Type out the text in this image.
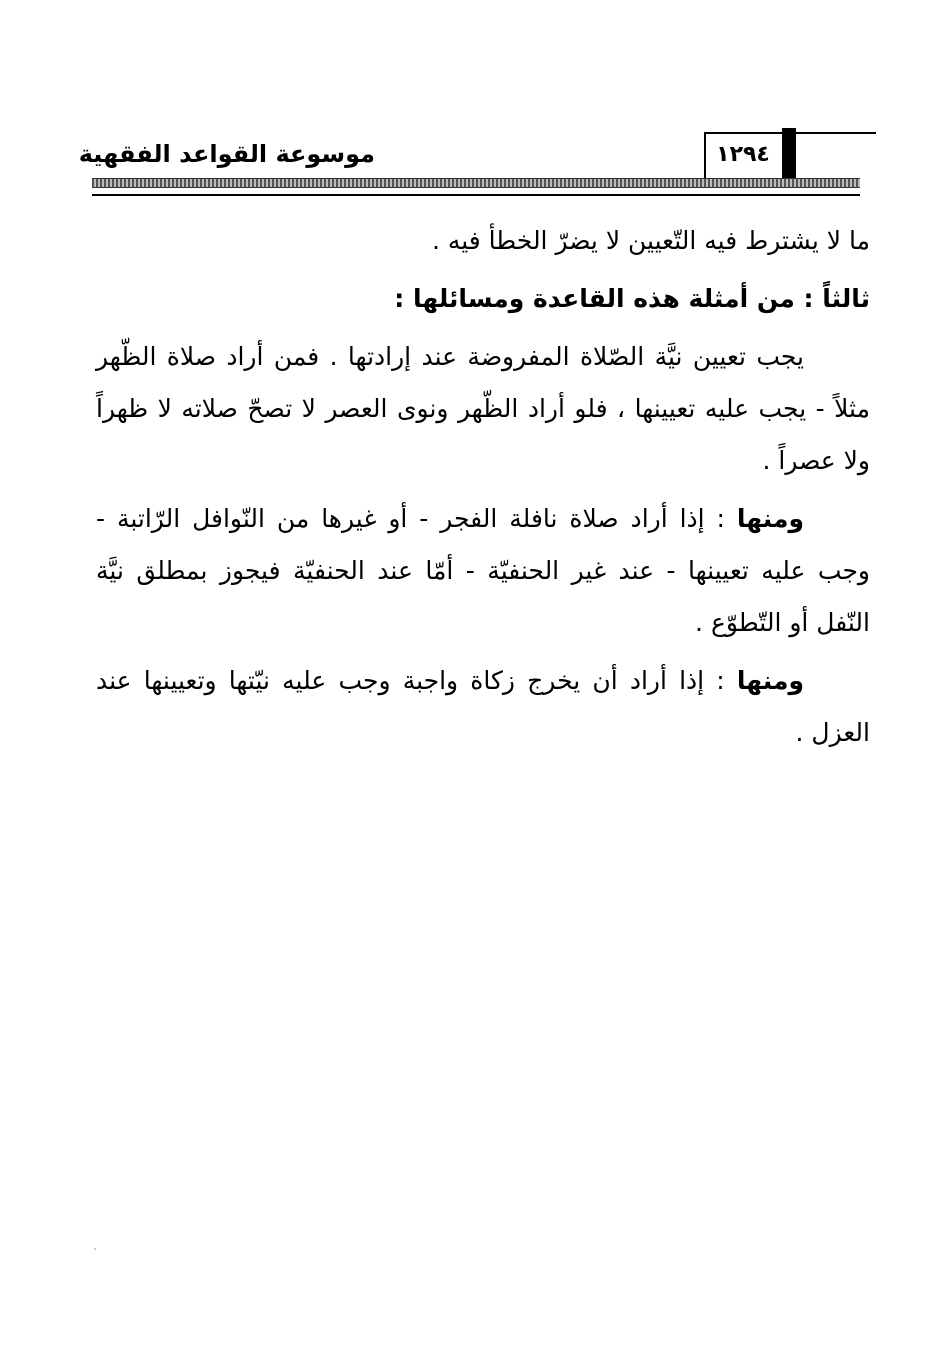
موسوعة القواعد الفقهية	١٢٩٤

ما لا يشترط فيه التّعيين لا يضرّ الخطأ فيه .

ثالثاً : من أمثلة هذه القاعدة ومسائلها :

يجب تعيين نيَّة الصّلاة المفروضة عند إرادتها . فمن أراد صلاة الظّهر مثلاً - يجب عليه تعيينها ، فلو أراد الظّهر ونوى العصر لا تصحّ صلاته لا ظهراً ولا عصراً .

ومنها : إذا أراد صلاة نافلة الفجر - أو غيرها من النّوافل الرّاتبة - وجب عليه تعيينها - عند غير الحنفيّة - أمّا عند الحنفيّة فيجوز بمطلق نيَّة النّفل أو التّطوّع .

ومنها : إذا أراد أن يخرج زكاة واجبة وجب عليه نيّتها وتعيينها عند العزل .
